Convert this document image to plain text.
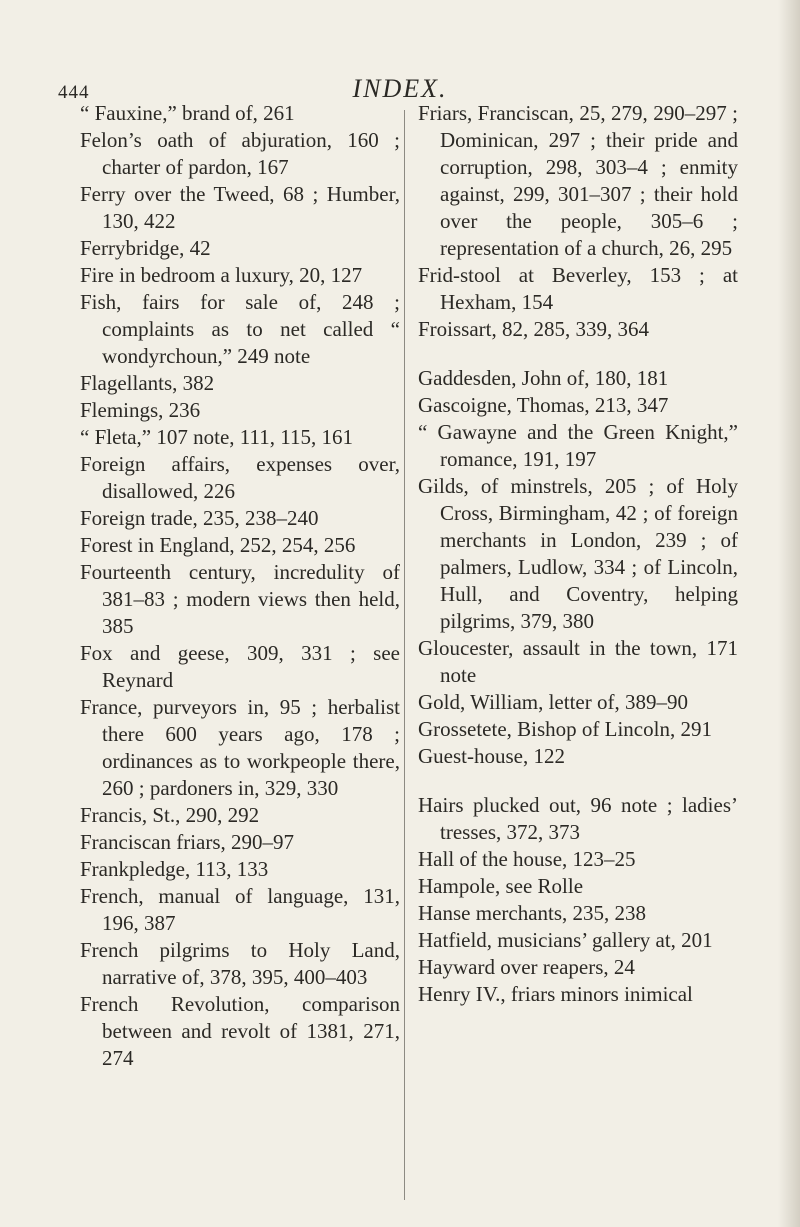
444	INDEX.

“ Fauxine,” brand of, 261

Felon’s oath of abjuration, 160 ; charter of pardon, 167

Ferry over the Tweed, 68 ; Humber, 130, 422

Ferrybridge, 42

Fire in bedroom a luxury, 20, 127

Fish, fairs for sale of, 248 ; complaints as to net called “ wondyrchoun,” 249 note

Flagellants, 382

Flemings, 236

“ Fleta,” 107 note, 111, 115, 161

Foreign affairs, expenses over, disallowed, 226

Foreign trade, 235, 238–240

Forest in England, 252, 254, 256

Fourteenth century, incredulity of 381–83 ; modern views then held, 385

Fox and geese, 309, 331 ; see Reynard

France, purveyors in, 95 ; herbalist there 600 years ago, 178 ; ordinances as to workpeople there, 260 ; pardoners in, 329, 330

Francis, St., 290, 292

Franciscan friars, 290–97

Frankpledge, 113, 133

French, manual of language, 131, 196, 387

French pilgrims to Holy Land, narrative of, 378, 395, 400–403

French Revolution, comparison between and revolt of 1381, 271, 274

Friars, Franciscan, 25, 279, 290–297 ; Dominican, 297 ; their pride and corruption, 298, 303–4 ; enmity against, 299, 301–307 ; their hold over the people, 305–6 ; representation of a church, 26, 295

Frid-stool at Beverley, 153 ; at Hexham, 154

Froissart, 82, 285, 339, 364

Gaddesden, John of, 180, 181

Gascoigne, Thomas, 213, 347

“ Gawayne and the Green Knight,” romance, 191, 197

Gilds, of minstrels, 205 ; of Holy Cross, Birmingham, 42 ; of foreign merchants in London, 239 ; of palmers, Ludlow, 334 ; of Lincoln, Hull, and Coventry, helping pilgrims, 379, 380

Gloucester, assault in the town, 171 note

Gold, William, letter of, 389–90

Grossetete, Bishop of Lincoln, 291

Guest-house, 122

Hairs plucked out, 96 note ; ladies’ tresses, 372, 373

Hall of the house, 123–25

Hampole, see Rolle

Hanse merchants, 235, 238

Hatfield, musicians’ gallery at, 201

Hayward over reapers, 24

Henry IV., friars minors inimical
